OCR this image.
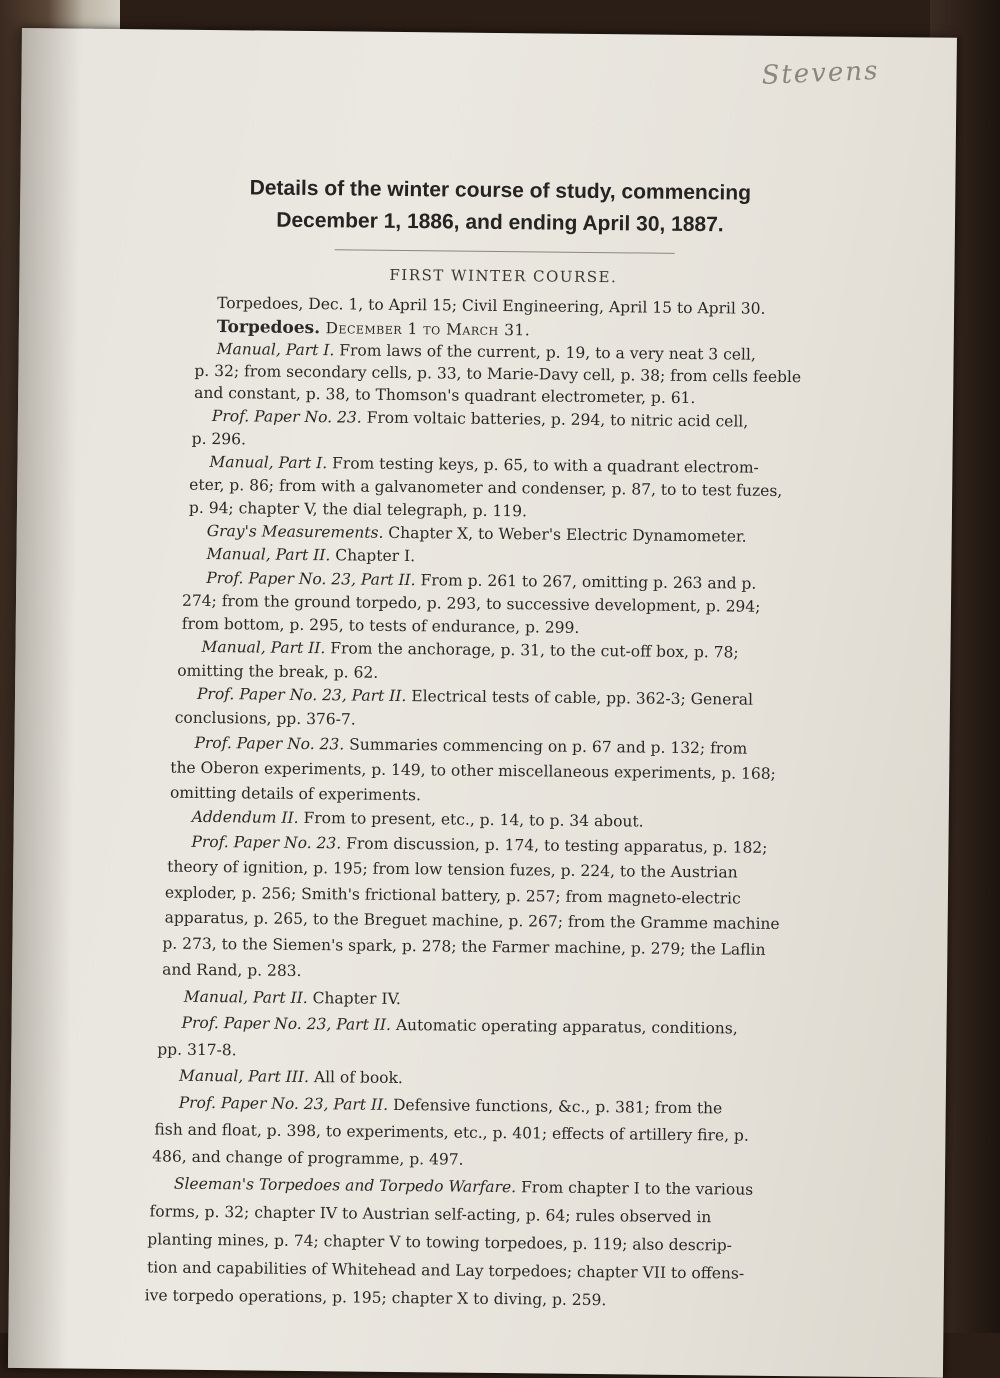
Stevens
Details of the winter course of study, commencing
December 1, 1886, and ending April 30, 1887.
FIRST WINTER COURSE.
Torpedoes, Dec. 1, to April 15; Civil Engineering, April 15 to April 30.
Torpedoes. December 1 to March 31.
Manual, Part I. From laws of the current, p. 19, to a very neat 3 cell,
p. 32; from secondary cells, p. 33, to Marie-Davy cell, p. 38; from cells feeble
and constant, p. 38, to Thomson's quadrant electrometer, p. 61.
Prof. Paper No. 23. From voltaic batteries, p. 294, to nitric acid cell,
p. 296.
Manual, Part I. From testing keys, p. 65, to with a quadrant electrom-
eter, p. 86; from with a galvanometer and condenser, p. 87, to to test fuzes,
p. 94; chapter V, the dial telegraph, p. 119.
Gray's Measurements. Chapter X, to Weber's Electric Dynamometer.
Manual, Part II. Chapter I.
Prof. Paper No. 23, Part II. From p. 261 to 267, omitting p. 263 and p.
274; from the ground torpedo, p. 293, to successive development, p. 294;
from bottom, p. 295, to tests of endurance, p. 299.
Manual, Part II. From the anchorage, p. 31, to the cut-off box, p. 78;
omitting the break, p. 62.
Prof. Paper No. 23, Part II. Electrical tests of cable, pp. 362-3; General
conclusions, pp. 376-7.
Prof. Paper No. 23. Summaries commencing on p. 67 and p. 132; from
the Oberon experiments, p. 149, to other miscellaneous experiments, p. 168;
omitting details of experiments.
Addendum II. From to present, etc., p. 14, to p. 34 about.
Prof. Paper No. 23. From discussion, p. 174, to testing apparatus, p. 182;
theory of ignition, p. 195; from low tension fuzes, p. 224, to the Austrian
exploder, p. 256; Smith's frictional battery, p. 257; from magneto-electric
apparatus, p. 265, to the Breguet machine, p. 267; from the Gramme machine
p. 273, to the Siemen's spark, p. 278; the Farmer machine, p. 279; the Laflin
and Rand, p. 283.
Manual, Part II. Chapter IV.
Prof. Paper No. 23, Part II. Automatic operating apparatus, conditions,
pp. 317-8.
Manual, Part III. All of book.
Prof. Paper No. 23, Part II. Defensive functions, &c., p. 381; from the
fish and float, p. 398, to experiments, etc., p. 401; effects of artillery fire, p.
486, and change of programme, p. 497.
Sleeman's Torpedoes and Torpedo Warfare. From chapter I to the various
forms, p. 32; chapter IV to Austrian self-acting, p. 64; rules observed in
planting mines, p. 74; chapter V to towing torpedoes, p. 119; also descrip-
tion and capabilities of Whitehead and Lay torpedoes; chapter VII to offens-
ive torpedo operations, p. 195; chapter X to diving, p. 259.
